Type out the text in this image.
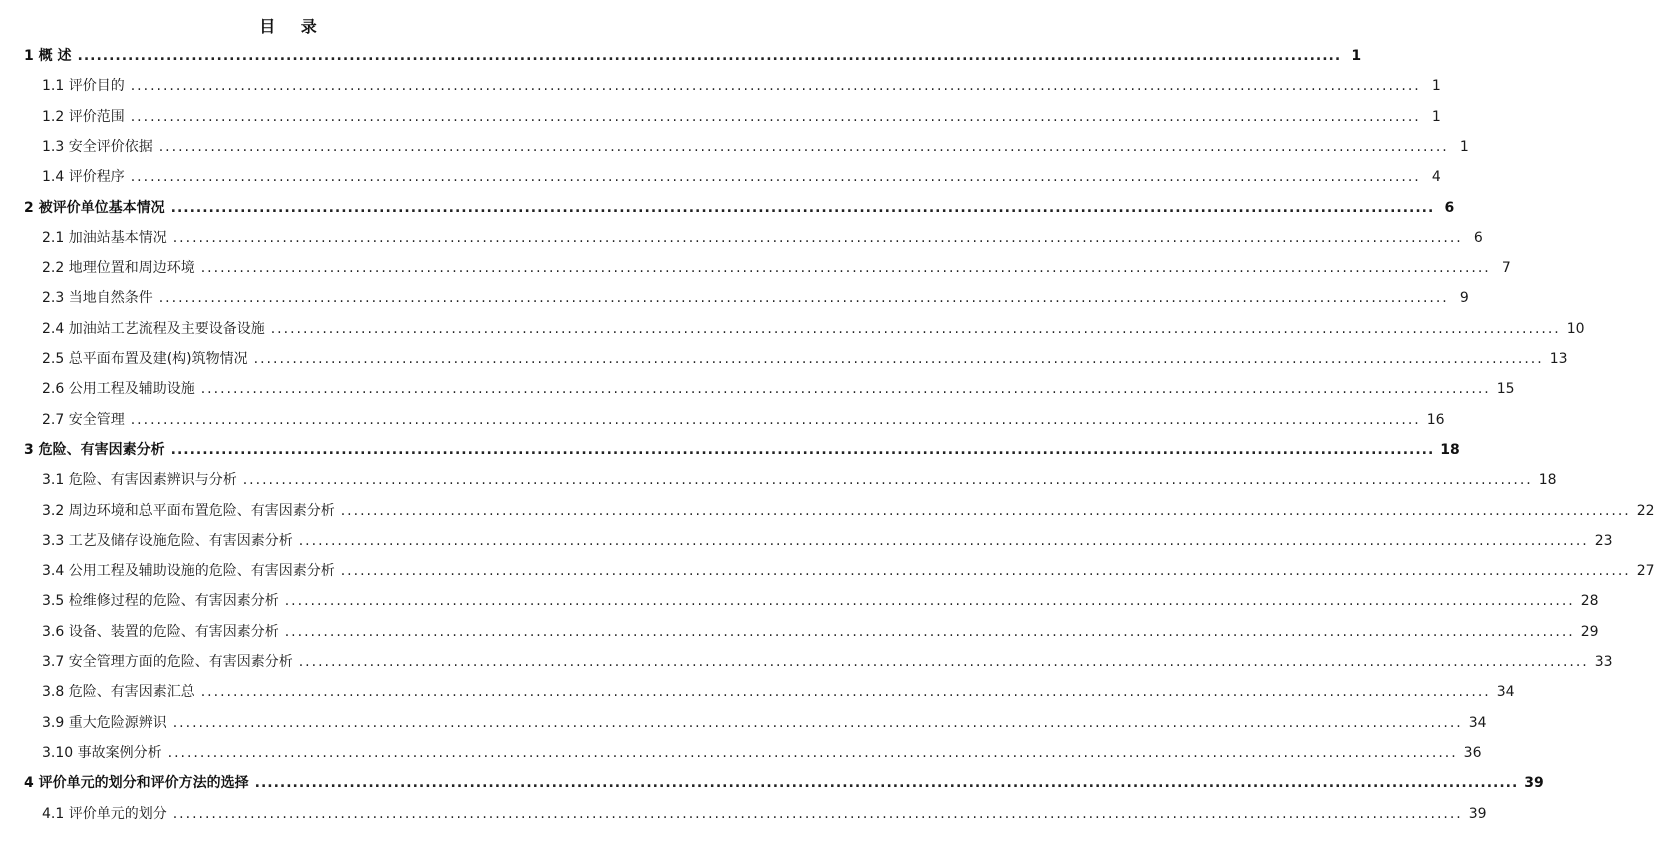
目 录
1 概 述 ........................................................................................................................................................................................................ 1
1.1 评价目的 ........................................................................................................................................................................................................ 1
1.2 评价范围 ........................................................................................................................................................................................................ 1
1.3 安全评价依据 ........................................................................................................................................................................................................ 1
1.4 评价程序 ........................................................................................................................................................................................................ 4
2 被评价单位基本情况 ........................................................................................................................................................................................................ 6
2.1 加油站基本情况 ........................................................................................................................................................................................................ 6
2.2 地理位置和周边环境 ........................................................................................................................................................................................................ 7
2.3 当地自然条件 ........................................................................................................................................................................................................ 9
2.4 加油站工艺流程及主要设备设施 ........................................................................................................................................................................................................ 10
2.5 总平面布置及建(构)筑物情况 ........................................................................................................................................................................................................ 13
2.6 公用工程及辅助设施 ........................................................................................................................................................................................................ 15
2.7 安全管理 ........................................................................................................................................................................................................ 16
3 危险、有害因素分析 ........................................................................................................................................................................................................ 18
3.1 危险、有害因素辨识与分析 ........................................................................................................................................................................................................ 18
3.2 周边环境和总平面布置危险、有害因素分析 ........................................................................................................................................................................................................ 22
3.3 工艺及储存设施危险、有害因素分析 ........................................................................................................................................................................................................ 23
3.4 公用工程及辅助设施的危险、有害因素分析 ........................................................................................................................................................................................................ 27
3.5 检维修过程的危险、有害因素分析 ........................................................................................................................................................................................................ 28
3.6 设备、装置的危险、有害因素分析 ........................................................................................................................................................................................................ 29
3.7 安全管理方面的危险、有害因素分析 ........................................................................................................................................................................................................ 33
3.8 危险、有害因素汇总 ........................................................................................................................................................................................................ 34
3.9 重大危险源辨识 ........................................................................................................................................................................................................ 34
3.10 事故案例分析 ........................................................................................................................................................................................................ 36
4 评价单元的划分和评价方法的选择 ........................................................................................................................................................................................................ 39
4.1 评价单元的划分 ........................................................................................................................................................................................................ 39
